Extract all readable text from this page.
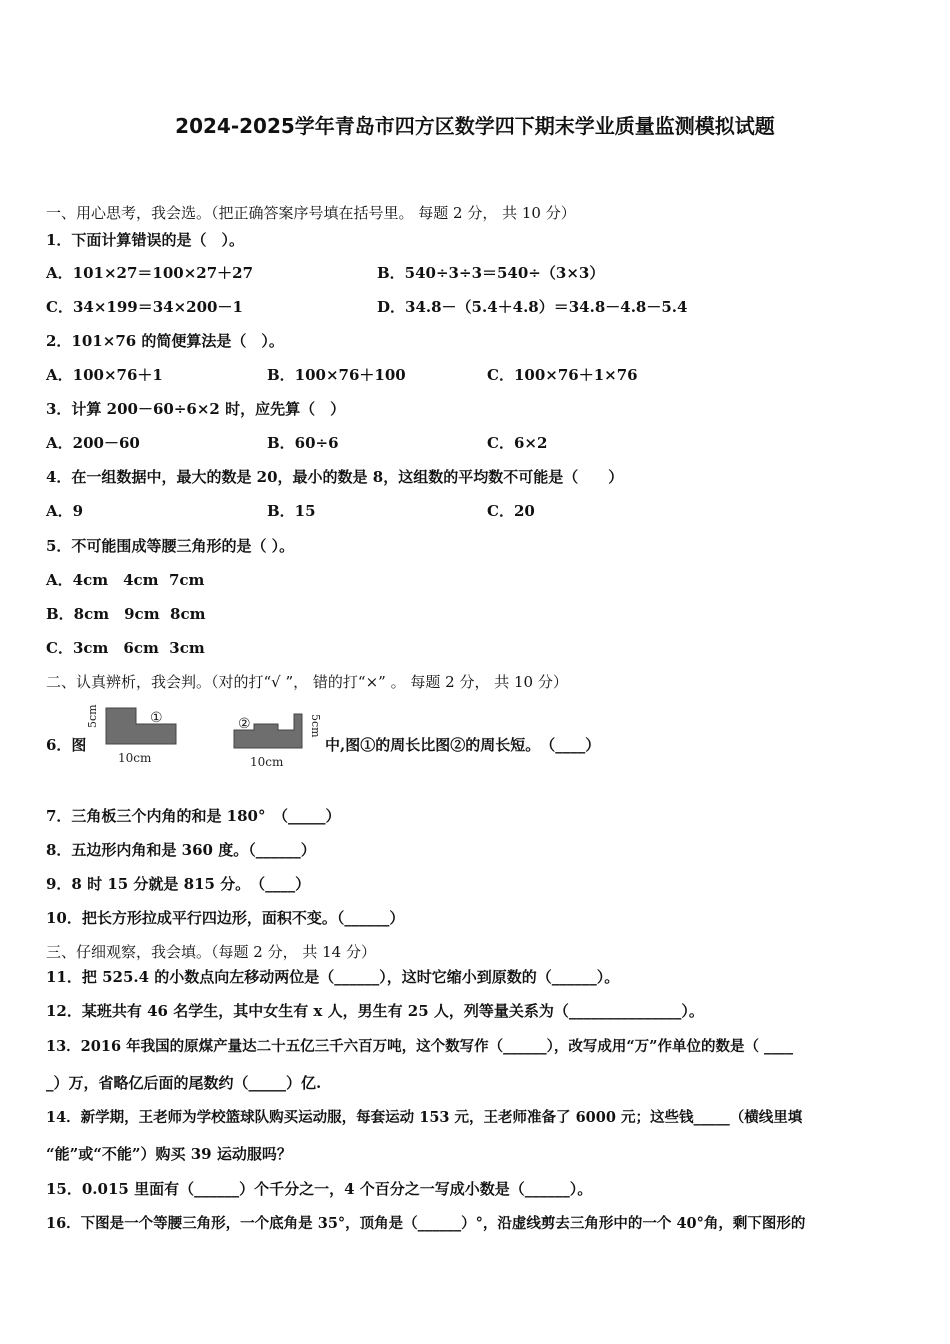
2024-2025学年青岛市四方区数学四下期末学业质量监测模拟试题
一、用心思考，我会选。（把正确答案序号填在括号里。 每题 2 分， 共 10 分）
1．下面计算错误的是（　）。
A．101×27＝100×27＋27	B．540÷3÷3＝540÷（3×3）
C．34×199＝34×200－1	D．34.8－（5.4＋4.8）＝34.8－4.8－5.4
2．101×76 的简便算法是（　）。
A．100×76＋1	B．100×76＋100	C．100×76＋1×76
3．计算 200－60÷6×2 时，应先算（　）
A．200－60	B．60÷6	C．6×2
4．在一组数据中，最大的数是 20，最小的数是 8，这组数的平均数不可能是（　　）
A．9	B．15	C．20
5．不可能围成等腰三角形的是（ ）。
A．4cm　4cm  7cm
B．8cm　9cm  8cm
C．3cm　6cm  3cm
二、认真辨析，我会判。（对的打“√ ”， 错的打“×” 。 每题 2 分， 共 10 分）
6．图
5cm	①
10cm
②	5cm
10cm
中,图①的周长比图②的周长短。　（____）
7．三角板三个内角的和是 180°　（_____）
8．五边形内角和是 360 度。（______）
9．8 时 15 分就是 815 分。　（____）
10．把长方形拉成平行四边形，面积不变。（______）
三、仔细观察，我会填。（每题 2 分， 共 14 分）
11．把 525.4 的小数点向左移动两位是（______），这时它缩小到原数的（______）。
12．某班共有 46 名学生，其中女生有 x 人，男生有 25 人，列等量关系为（_______________）。
13．2016 年我国的原煤产量达二十五亿三千六百万吨，这个数写作（______），改写成用“万”作单位的数是（ ____
_）万，省略亿后面的尾数约（_____）亿.
14．新学期，王老师为学校篮球队购买运动服，每套运动 153 元，王老师准备了 6000 元；这些钱_____（横线里填
“能”或“不能”）购买 39 运动服吗？
15．0.015 里面有（______）个千分之一，4 个百分之一写成小数是（______）。
16．下图是一个等腰三角形，一个底角是 35°，顶角是（______）°，沿虚线剪去三角形中的一个 40°角，剩下图形的
